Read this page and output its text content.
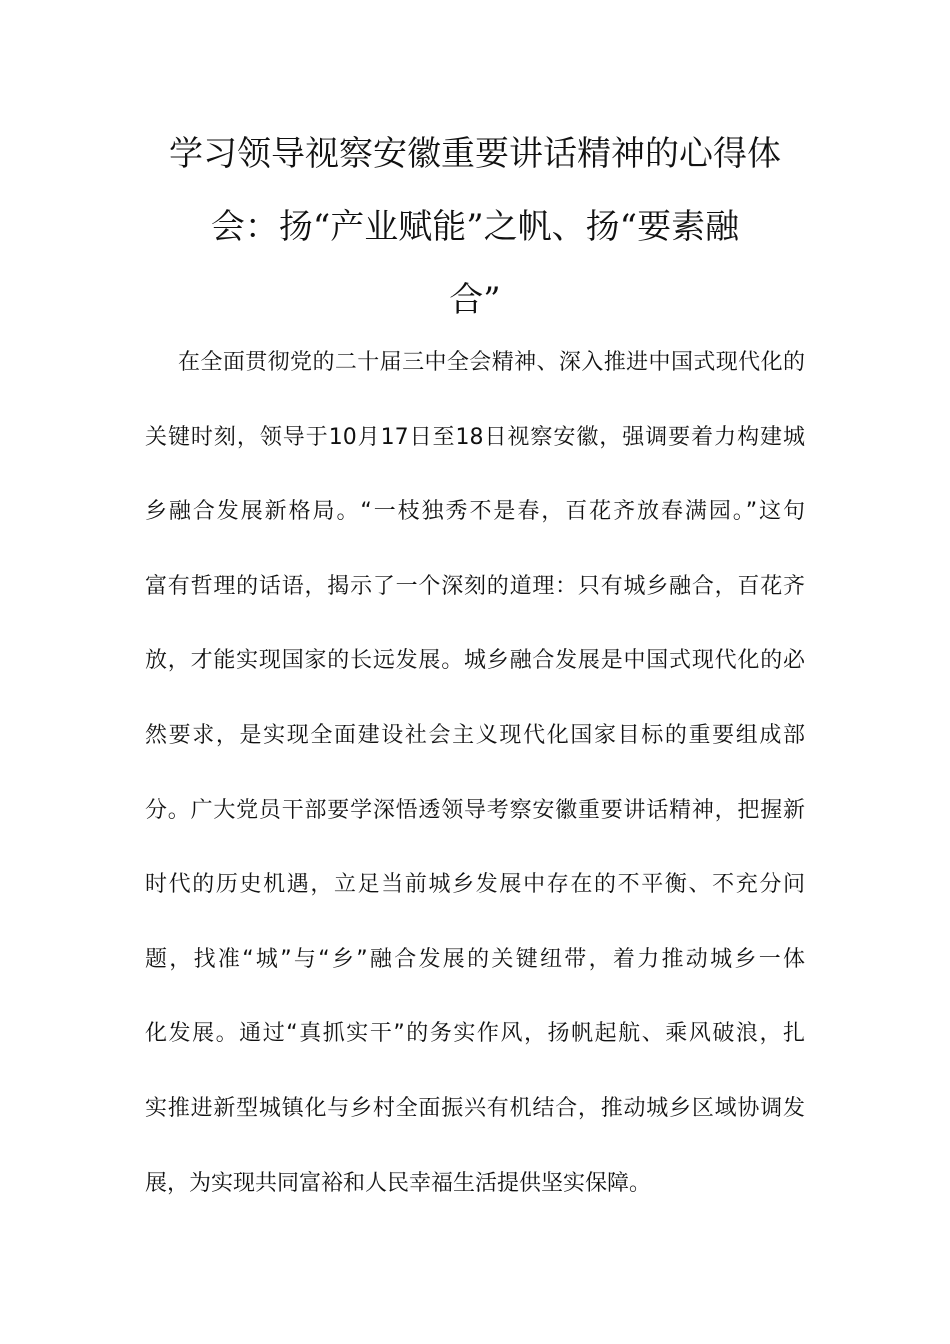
学习领导视察安徽重要讲话精神的心得体
会：扬“产业赋能”之帆、扬“要素融
合”
在全面贯彻党的二十届三中全会精神、深入推进中国式现代化的
关键时刻，领导于10月17日至18日视察安徽，强调要着力构建城
乡融合发展新格局。“一枝独秀不是春，百花齐放春满园。”这句
富有哲理的话语，揭示了一个深刻的道理：只有城乡融合，百花齐
放，才能实现国家的长远发展。城乡融合发展是中国式现代化的必
然要求，是实现全面建设社会主义现代化国家目标的重要组成部
分。广大党员干部要学深悟透领导考察安徽重要讲话精神，把握新
时代的历史机遇，立足当前城乡发展中存在的不平衡、不充分问
题，找准“城”与“乡”融合发展的关键纽带，着力推动城乡一体
化发展。通过“真抓实干”的务实作风，扬帆起航、乘风破浪，扎
实推进新型城镇化与乡村全面振兴有机结合，推动城乡区域协调发
展，为实现共同富裕和人民幸福生活提供坚实保障。
